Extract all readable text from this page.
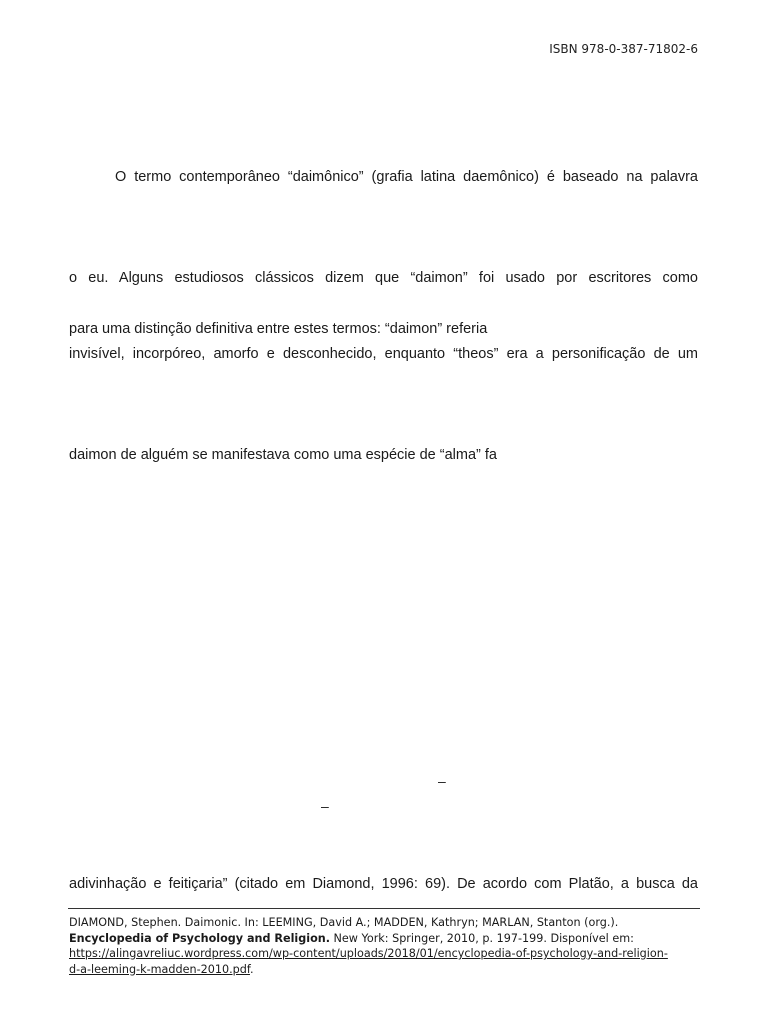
ISBN 978-0-387-71802-6
O termo contemporâneo “daimônico” (grafia latina daemônico) é baseado na palavra
o eu. Alguns estudiosos clássicos dizem que “daimon” foi usado por escritores como
para uma distinção definitiva entre estes termos: “daimon” referia
invisível, incorpóreo, amorfo e desconhecido, enquanto “theos” era a personificação de um
daimon de alguém se manifestava como uma espécie de “alma” fa
–
–
adivinhação e feitiçaria” (citado em Diamond, 1996: 69). De acordo com Platão, a busca da
DIAMOND, Stephen. Daimonic. In: LEEMING, David A.; MADDEN, Kathryn; MARLAN, Stanton (org.).
Encyclopedia of Psychology and Religion. New York: Springer, 2010, p. 197-199. Disponível em:
https://alingavreliuc.wordpress.com/wp-content/uploads/2018/01/encyclopedia-of-psychology-and-religion-
d-a-leeming-k-madden-2010.pdf.
